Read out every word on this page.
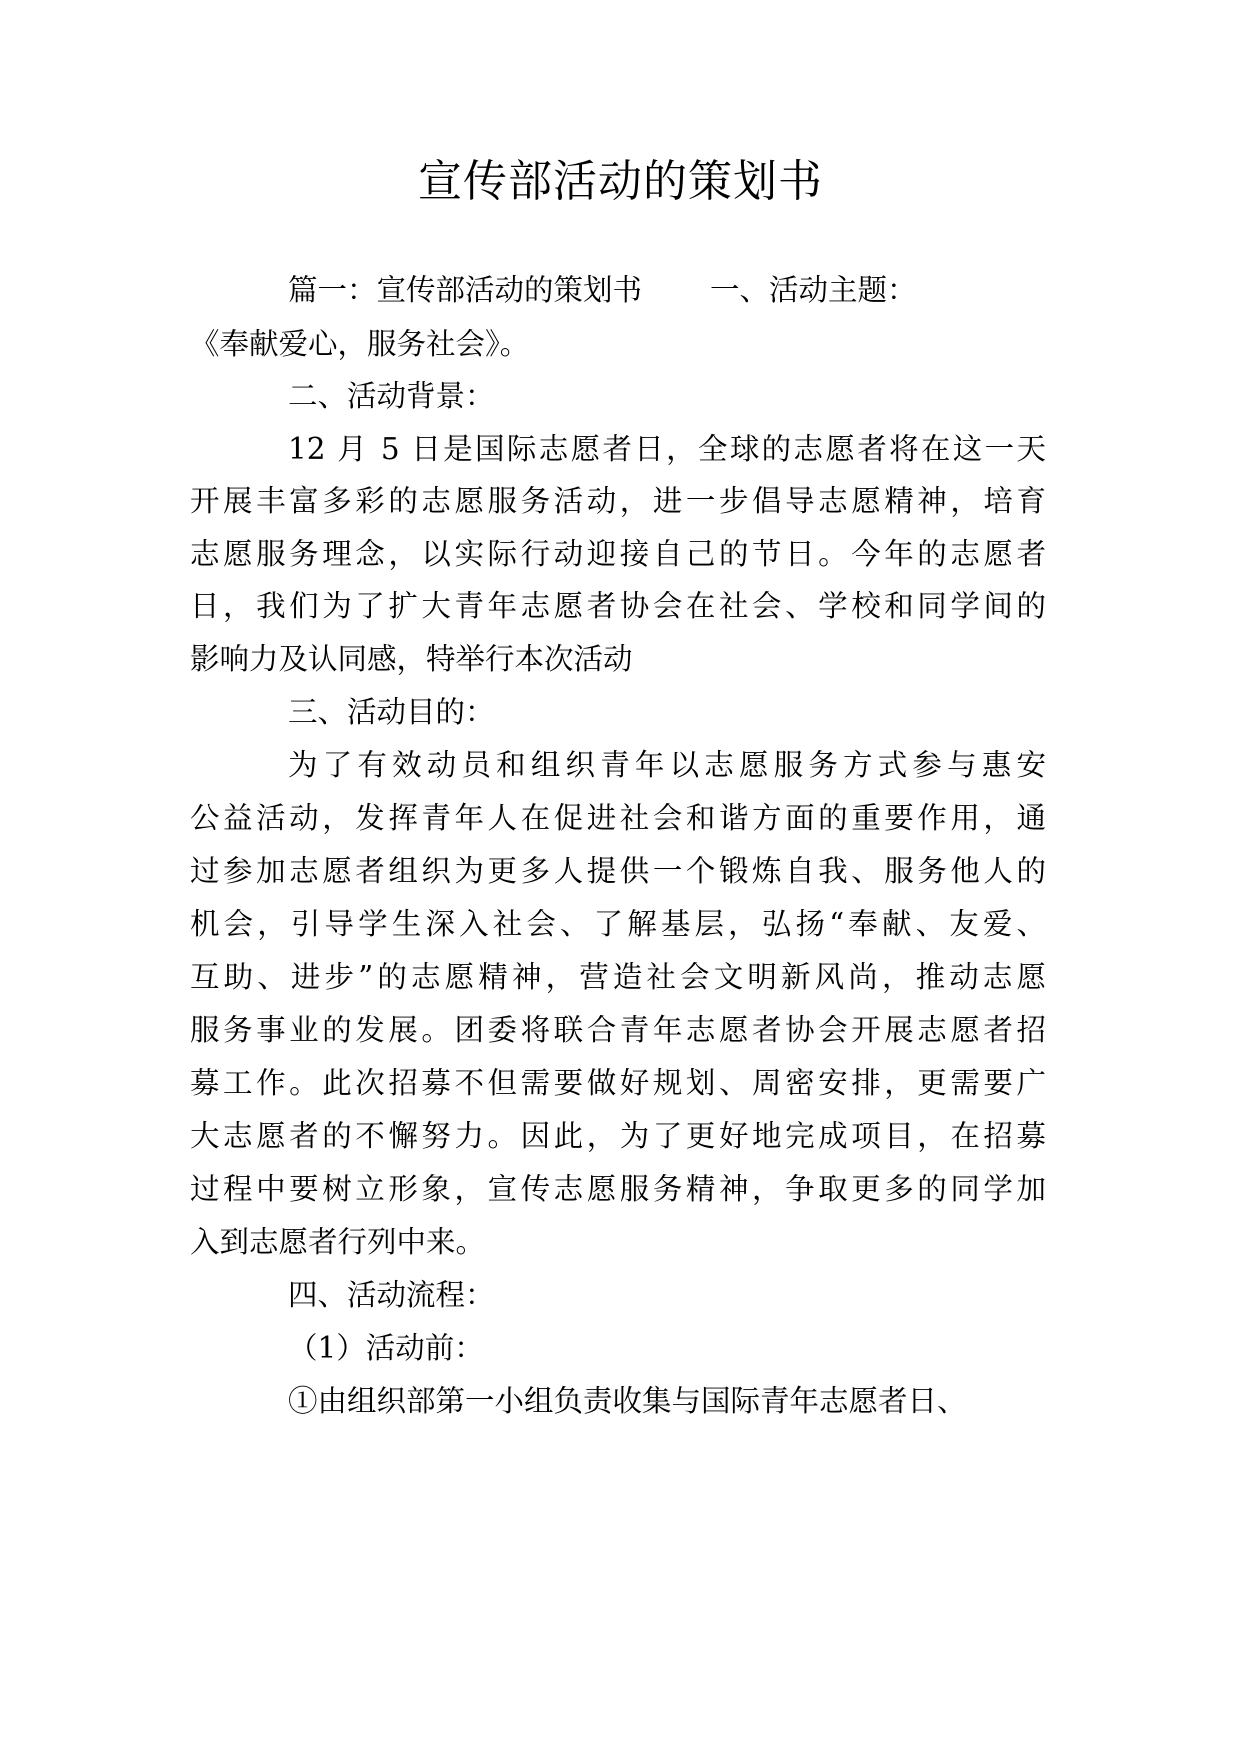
宣传部活动的策划书
篇一：宣传部活动的策划书 一、活动主题：
《奉献爱心，服务社会》。
二、活动背景：
12 月 5 日是国际志愿者日，全球的志愿者将在这一天
开展丰富多彩的志愿服务活动，进一步倡导志愿精神，培育
志愿服务理念，以实际行动迎接自己的节日。今年的志愿者
日，我们为了扩大青年志愿者协会在社会、学校和同学间的
影响力及认同感，特举行本次活动
三、活动目的：
为了有效动员和组织青年以志愿服务方式参与惠安
公益活动，发挥青年人在促进社会和谐方面的重要作用，通
过参加志愿者组织为更多人提供一个锻炼自我、服务他人的
机会，引导学生深入社会、了解基层，弘扬“奉献、友爱、
互助、进步”的志愿精神，营造社会文明新风尚，推动志愿
服务事业的发展。团委将联合青年志愿者协会开展志愿者招
募工作。此次招募不但需要做好规划、周密安排，更需要广
大志愿者的不懈努力。因此，为了更好地完成项目，在招募
过程中要树立形象，宣传志愿服务精神，争取更多的同学加
入到志愿者行列中来。
四、活动流程：
（1）活动前：
①由组织部第一小组负责收集与国际青年志愿者日、
